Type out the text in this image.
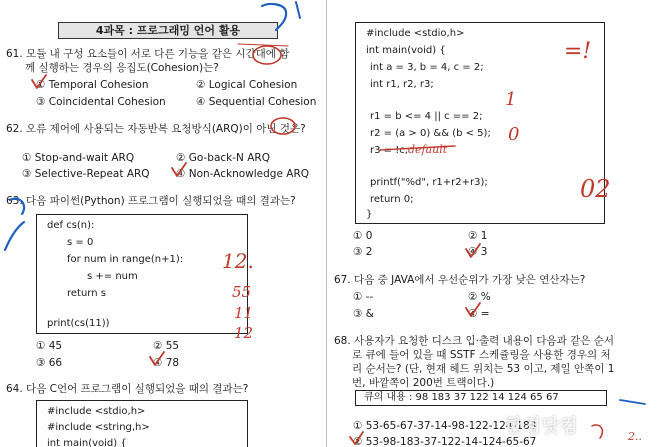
4과목 : 프로그래밍 언어 활용
61. 모듈 내 구성 요소들이 서로 다른 기능을 같은 시간대에 함
께 실행하는 경우의 응집도(Cohesion)는?
① Temporal Cohesion	② Logical Cohesion
③ Coincidental Cohesion	④ Sequential Cohesion
62. 오류 제어에 사용되는 자동반복 요청방식(ARQ)이 아닌 것은?
① Stop-and-wait ARQ	② Go-back-N ARQ
③ Selective-Repeat ARQ	④ Non-Acknowledge ARQ
63. 다음 파이썬(Python) 프로그램이 실행되었을 때의 결과는?
def cs(n):
s = 0
for num in range(n+1):
s += num
return s
print(cs(11))
① 45	② 55
③ 66	④ 78
64. 다음 C언어 프로그램이 실행되었을 때의 결과는?
#include <stdio,h>
#include <string,h>
int main(void) {
#include <stdio,h>
int main(void) {
int a = 3, b = 4, c = 2;
int r1, r2, r3;
r1 = b <= 4 || c == 2;
r2 = (a > 0) && (b < 5);
r3 = !c;
printf("%d", r1+r2+r3);
return 0;
}
① 0	② 1
③ 2	④ 3
67. 다음 중 JAVA에서 우선순위가 가장 낮은 연산자는?
① --	② %
③ &	④ =
68. 사용자가 요청한 디스크 입·출력 내용이 다음과 같은 순서
로 큐에 들어 있을 때 SSTF 스케쥴링을 사용한 경우의 처
리 순서는? (단, 현재 헤드 위치는 53 이고, 제일 안쪽이 1
번, 바깥쪽이 200번 트랙이다.)
큐의 내용 : 98 183 37 122 14 124 65 67
① 53-65-67-37-14-98-122-124-183
② 53-98-183-37-122-14-124-65-67
12.
55
11
12
=!
1
0
default
02
2..
한경닷컴
